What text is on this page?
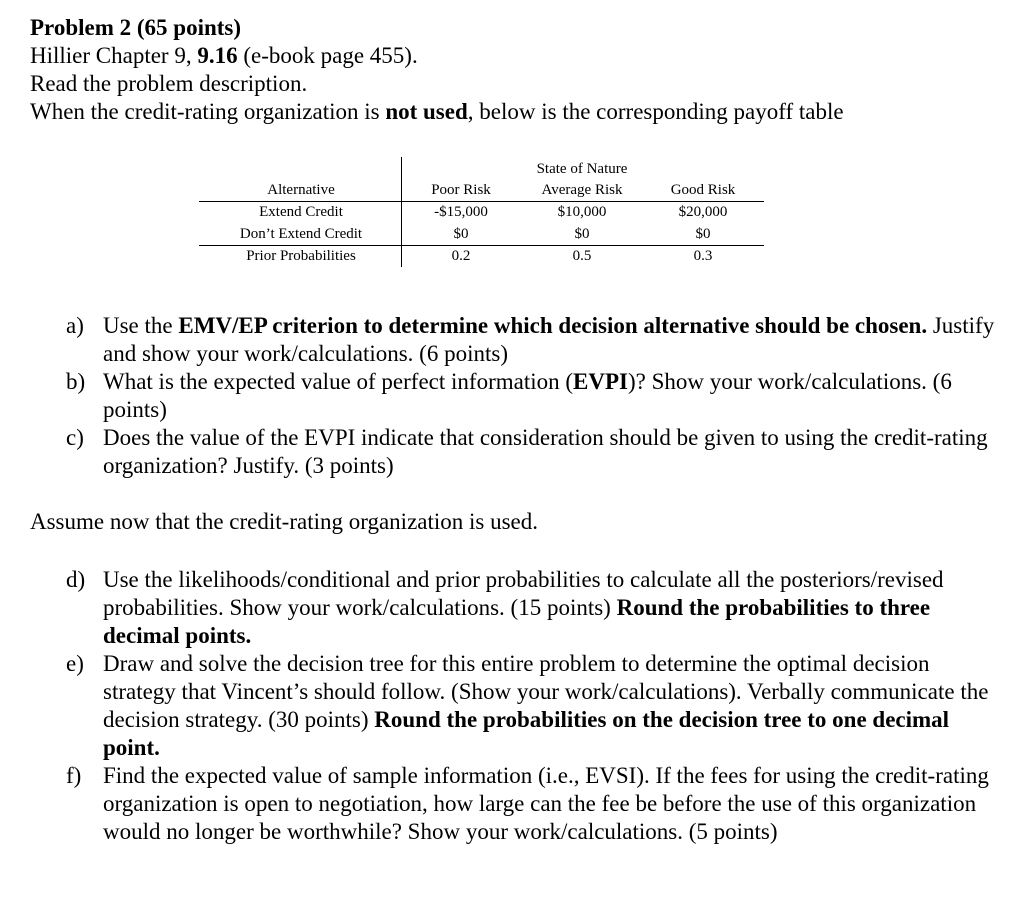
Problem 2 (65 points)
Hillier Chapter 9, 9.16 (e-book page 455).
Read the problem description.
When the credit-rating organization is not used, below is the corresponding payoff table
State of Nature
Alternative	Poor Risk	Average Risk	Good Risk
Extend Credit	-$15,000	$10,000	$20,000
Don’t Extend Credit	$0	$0	$0
Prior Probabilities	0.2	0.5	0.3
a) Use the EMV/EP criterion to determine which decision alternative should be chosen. Justify and show your work/calculations. (6 points)
b) What is the expected value of perfect information (EVPI)? Show your work/calculations. (6 points)
c) Does the value of the EVPI indicate that consideration should be given to using the credit-rating organization? Justify. (3 points)
Assume now that the credit-rating organization is used.
d) Use the likelihoods/conditional and prior probabilities to calculate all the posteriors/revised probabilities. Show your work/calculations. (15 points) Round the probabilities to three decimal points.
e) Draw and solve the decision tree for this entire problem to determine the optimal decision strategy that Vincent’s should follow. (Show your work/calculations). Verbally communicate the decision strategy. (30 points) Round the probabilities on the decision tree to one decimal point.
f) Find the expected value of sample information (i.e., EVSI). If the fees for using the credit-rating organization is open to negotiation, how large can the fee be before the use of this organization would no longer be worthwhile? Show your work/calculations. (5 points)
